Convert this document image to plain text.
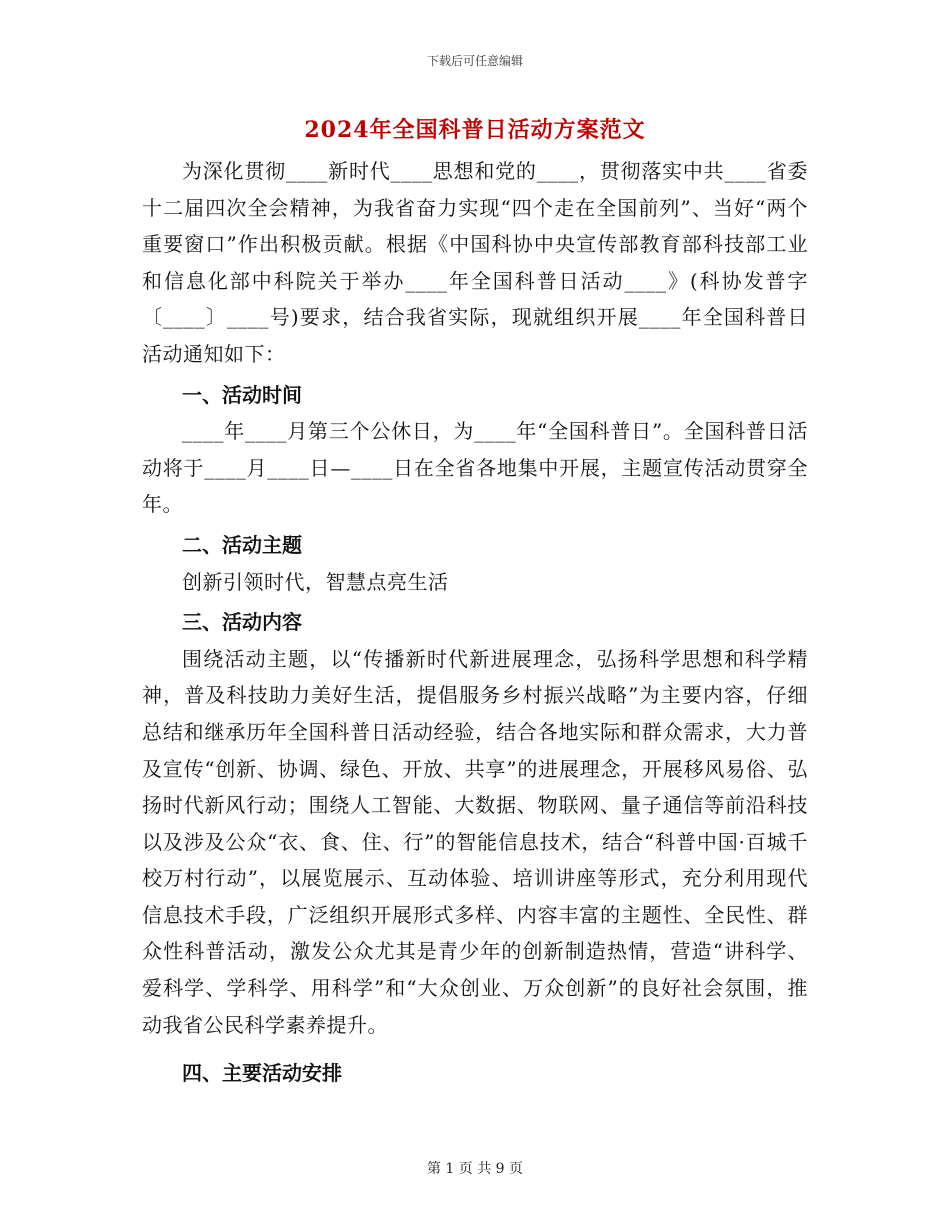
下载后可任意编辑
2024年全国科普日活动方案范文

为深化贯彻____新时代____思想和党的____，贯彻落实中共____省委十二届四次全会精神，为我省奋力实现“四个走在全国前列”、当好“两个重要窗口”作出积极贡献。根据《中国科协中央宣传部教育部科技部工业和信息化部中科院关于举办____年全国科普日活动____》(科协发普字〔____〕____号)要求，结合我省实际，现就组织开展____年全国科普日活动通知如下：

一、活动时间

____年____月第三个公休日，为____年“全国科普日”。全国科普日活动将于____月____日—____日在全省各地集中开展，主题宣传活动贯穿全年。

二、活动主题

创新引领时代，智慧点亮生活

三、活动内容

围绕活动主题，以“传播新时代新进展理念，弘扬科学思想和科学精神，普及科技助力美好生活，提倡服务乡村振兴战略”为主要内容，仔细总结和继承历年全国科普日活动经验，结合各地实际和群众需求，大力普及宣传“创新、协调、绿色、开放、共享”的进展理念，开展移风易俗、弘扬时代新风行动；围绕人工智能、大数据、物联网、量子通信等前沿科技以及涉及公众“衣、食、住、行”的智能信息技术，结合“科普中国·百城千校万村行动”，以展览展示、互动体验、培训讲座等形式，充分利用现代信息技术手段，广泛组织开展形式多样、内容丰富的主题性、全民性、群众性科普活动，激发公众尤其是青少年的创新制造热情，营造“讲科学、爱科学、学科学、用科学”和“大众创业、万众创新”的良好社会氛围，推动我省公民科学素养提升。

四、主要活动安排

第 1 页 共 9 页
